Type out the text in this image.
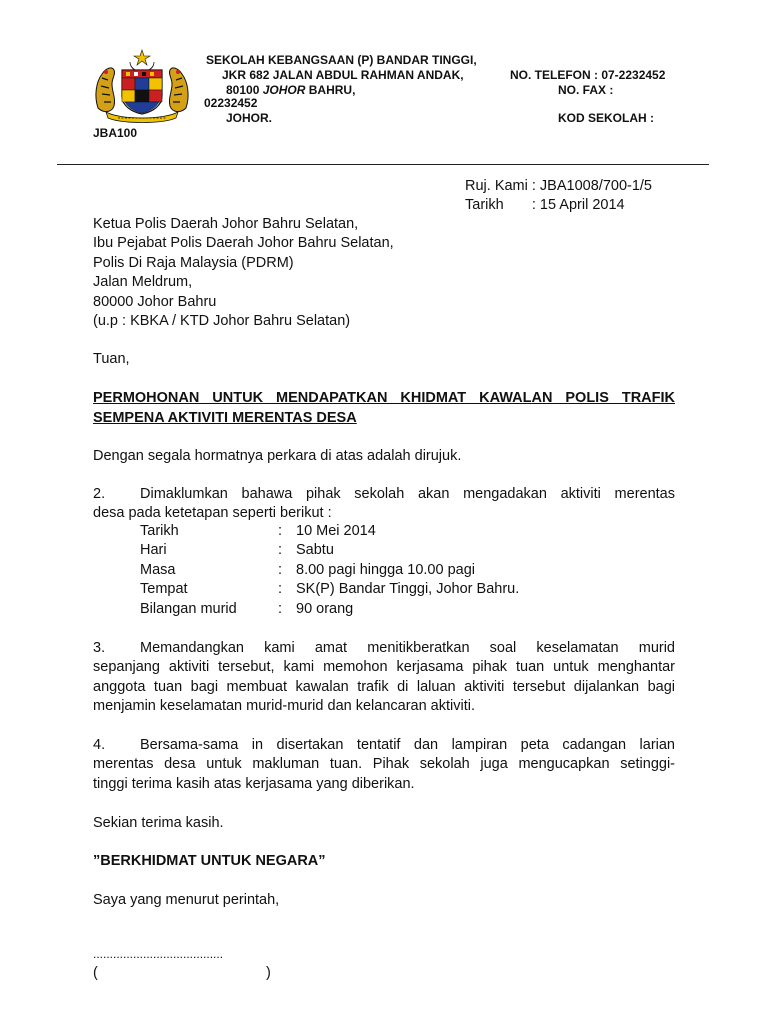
SEKOLAH KEBANGSAAN (P) BANDAR TINGGI,
JKR 682 JALAN ABDUL RAHMAN ANDAK,	NO. TELEFON : 07-2232452
80100 JOHOR BAHRU,	NO. FAX :
02232452
JOHOR.	KOD SEKOLAH :
JBA100
Ruj. Kami : JBA1008/700-1/5
Tarikh       : 15 April 2014
Ketua Polis Daerah Johor Bahru Selatan,
Ibu Pejabat Polis Daerah Johor Bahru Selatan,
Polis Di Raja Malaysia (PDRM)
Jalan Meldrum,
80000 Johor Bahru
(u.p : KBKA / KTD Johor Bahru Selatan)
Tuan,
PERMOHONAN UNTUK MENDAPATKAN KHIDMAT KAWALAN POLIS TRAFIK
SEMPENA AKTIVITI MERENTAS DESA
Dengan segala hormatnya perkara di atas adalah dirujuk.
2. Dimaklumkan bahawa pihak sekolah akan mengadakan aktiviti merentas
desa pada ketetapan seperti berikut :
Tarikh	: 10 Mei 2014
Hari	: Sabtu
Masa	: 8.00 pagi hingga 10.00 pagi
Tempat	: SK(P) Bandar Tinggi, Johor Bahru.
Bilangan murid	: 90 orang
3. Memandangkan kami amat menitikberatkan soal keselamatan murid
sepanjang aktiviti tersebut, kami memohon kerjasama pihak tuan untuk menghantar
anggota tuan bagi membuat kawalan trafik di laluan aktiviti tersebut dijalankan bagi
menjamin keselamatan murid-murid dan kelancaran aktiviti.
4. Bersama-sama in disertakan tentatif dan lampiran peta cadangan larian
merentas desa untuk makluman tuan. Pihak sekolah juga mengucapkan setinggi-
tinggi terima kasih atas kerjasama yang diberikan.
Sekian terima kasih.
”BERKHIDMAT UNTUK NEGARA”
Saya yang menurut perintah,
.......................................
(	)
